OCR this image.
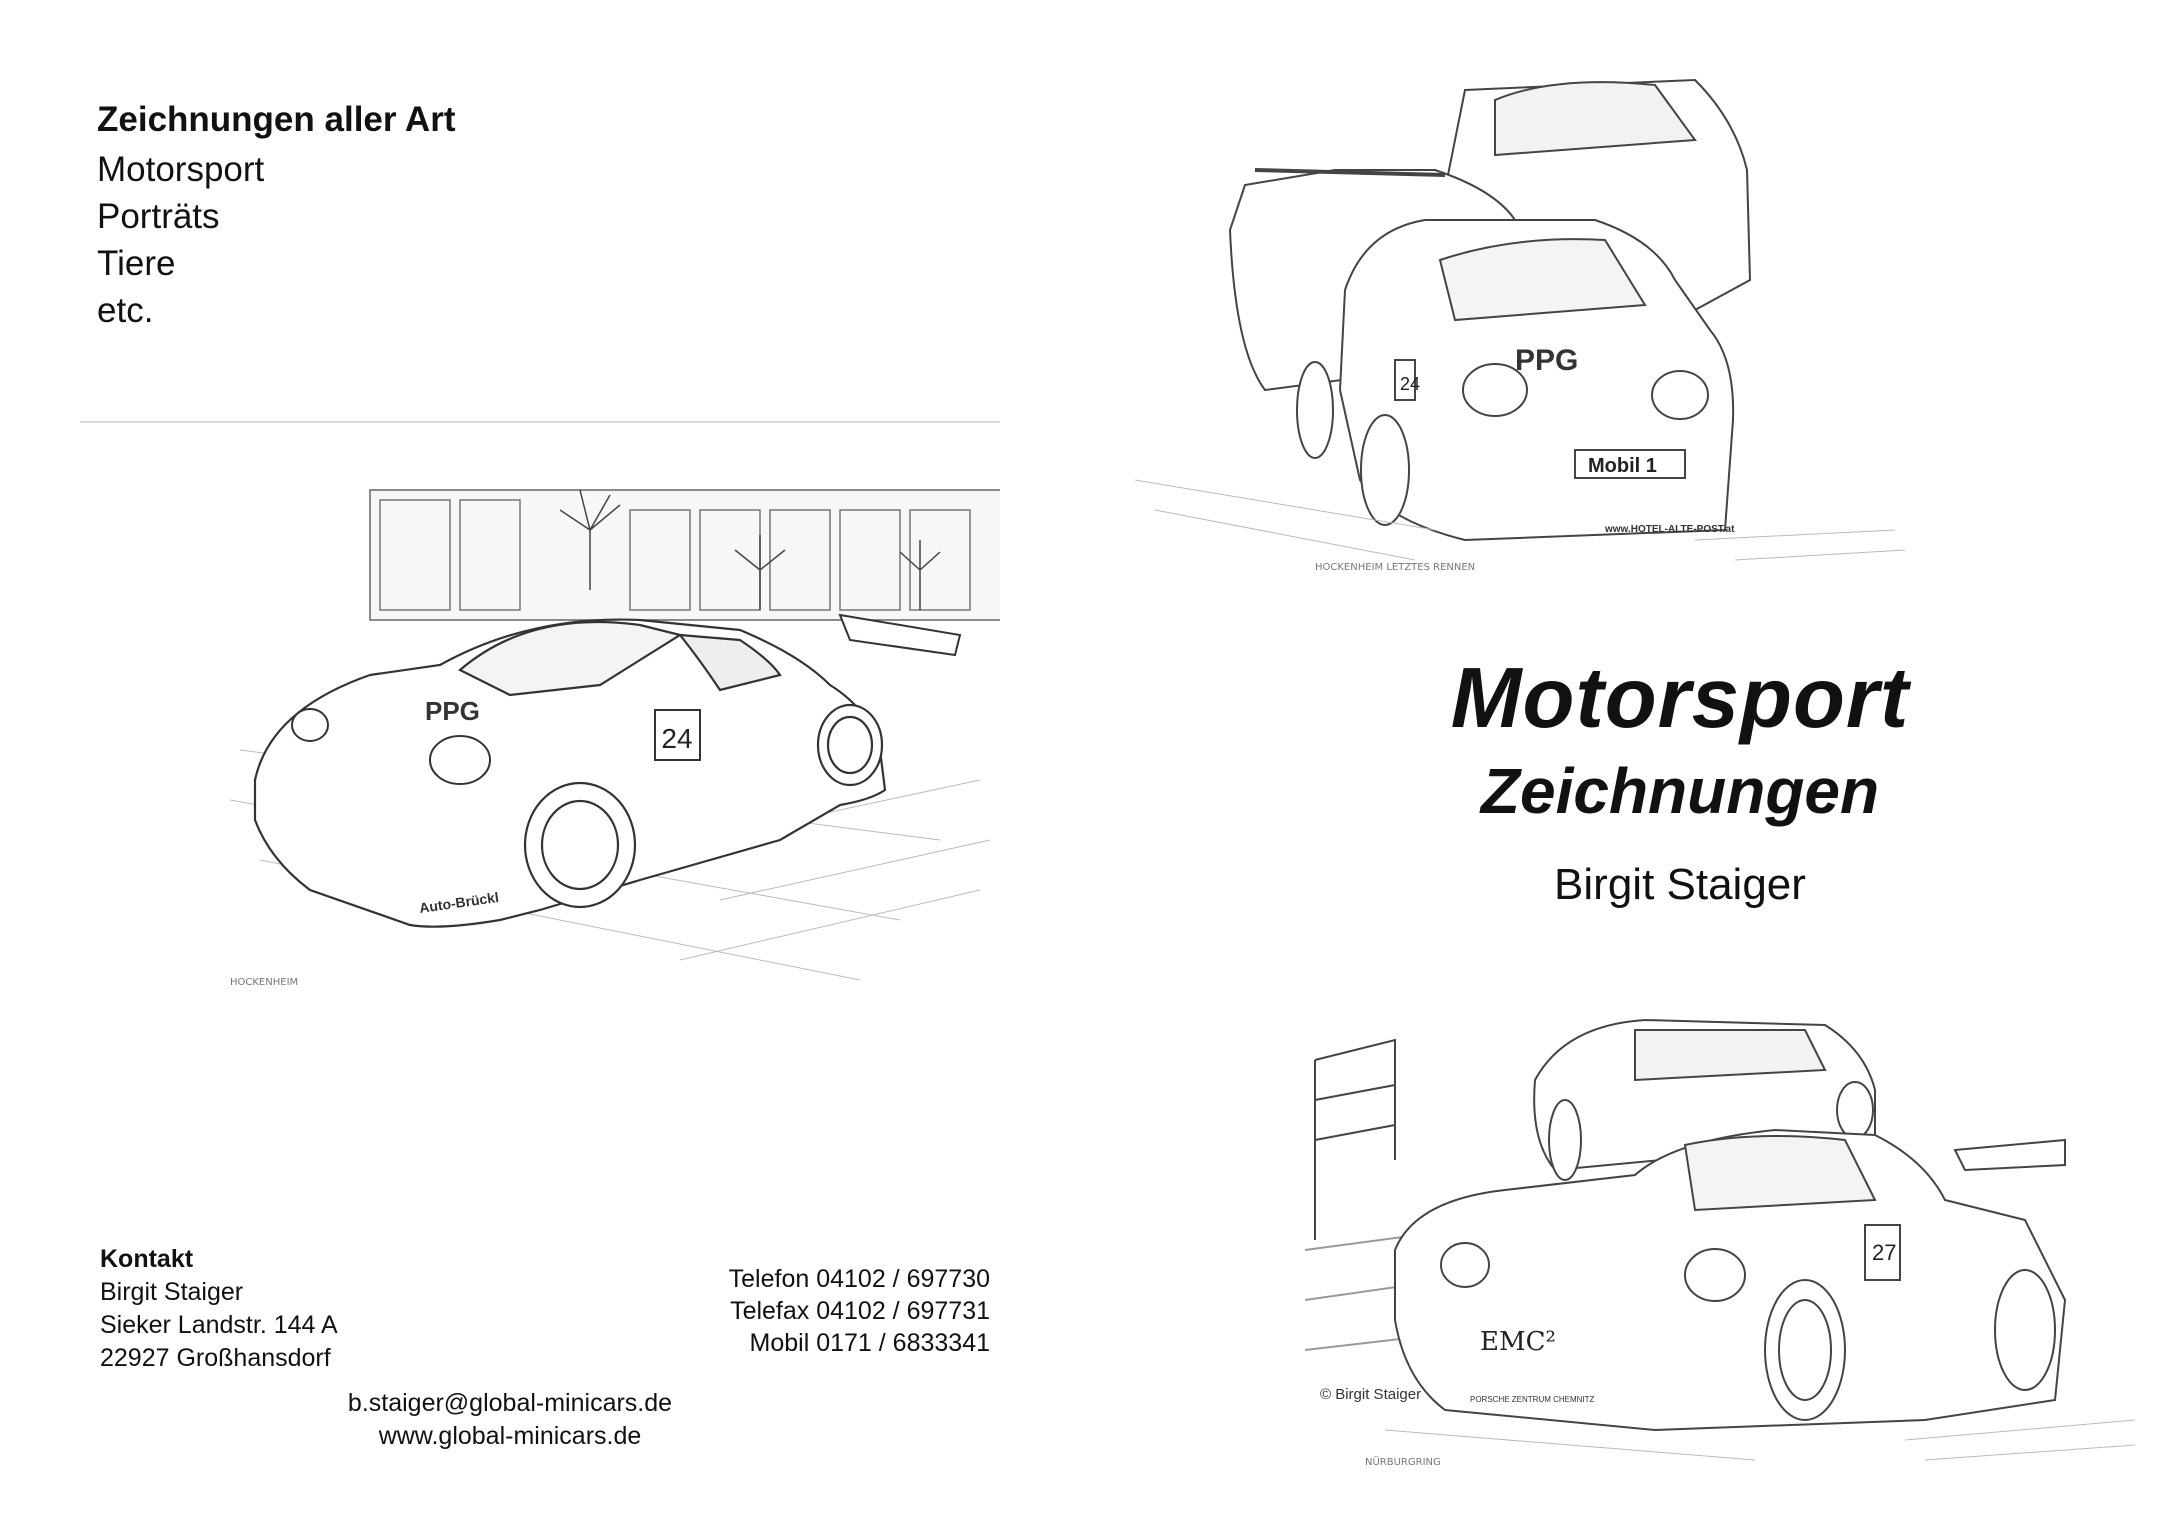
Zeichnungen aller Art
Motorsport
Porträts
Tiere
etc.
24
PPG
Auto-Brückl
HOCKENHEIM
PPG
Mobil 1
24
www.HOTEL-ALTE-POST.at
HOCKENHEIM LETZTES RENNEN
Motorsport
Zeichnungen
Birgit Staiger
EMC²
27
PORSCHE ZENTRUM CHEMNITZ
NÜRBURGRING
© Birgit Staiger
Kontakt
Birgit Staiger
Sieker Landstr. 144 A
22927 Großhansdorf
Telefon 04102 / 697730
Telefax 04102 / 697731
Mobil 0171 / 6833341
b.staiger@global-minicars.de
www.global-minicars.de
